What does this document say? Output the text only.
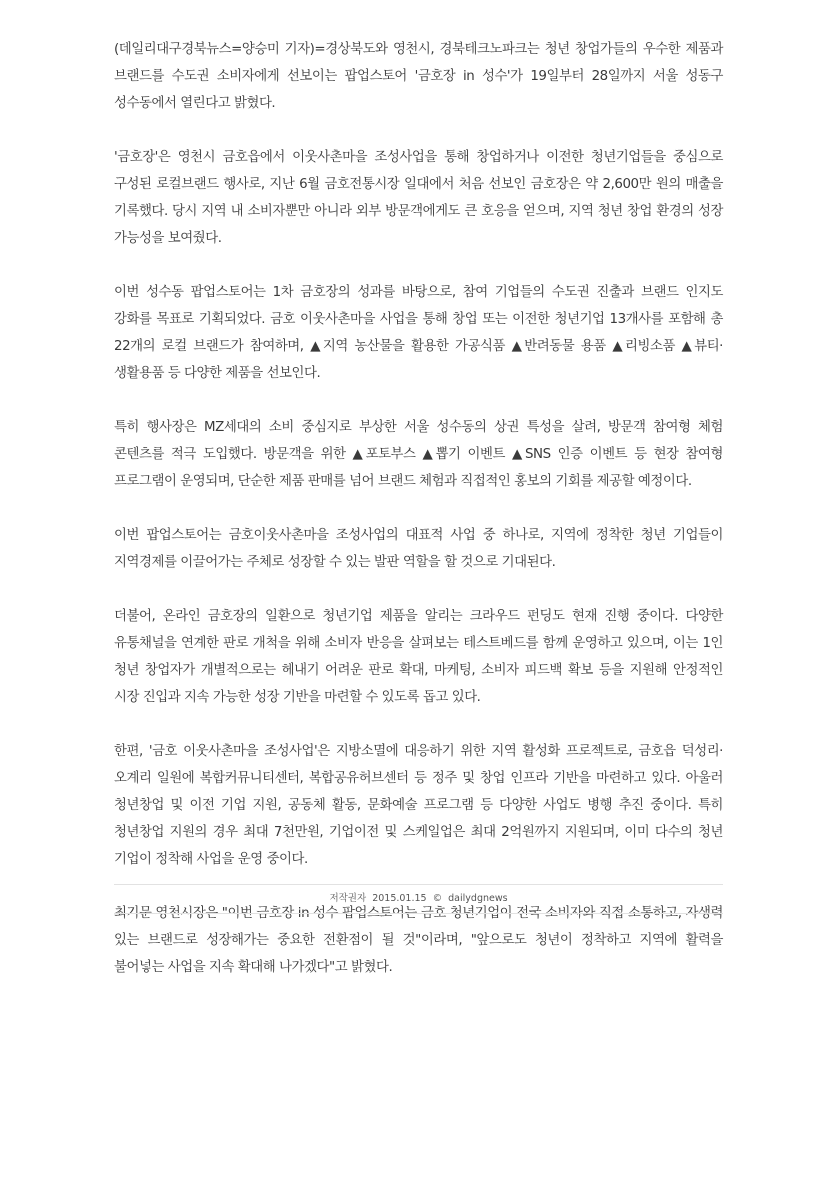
(데일리대구경북뉴스=양승미 기자)=경상북도와 영천시, 경북테크노파크는 청년 창업가들의 우수한 제품과 브랜드를 수도권 소비자에게 선보이는 팝업스토어 '금호장 in 성수'가 19일부터 28일까지 서울 성동구 성수동에서 열린다고 밝혔다.

'금호장'은 영천시 금호읍에서 이웃사촌마을 조성사업을 통해 창업하거나 이전한 청년기업들을 중심으로 구성된 로컬브랜드 행사로, 지난 6월 금호전통시장 일대에서 처음 선보인 금호장은 약 2,600만 원의 매출을 기록했다. 당시 지역 내 소비자뿐만 아니라 외부 방문객에게도 큰 호응을 얻으며, 지역 청년 창업 환경의 성장 가능성을 보여줬다.

이번 성수동 팝업스토어는 1차 금호장의 성과를 바탕으로, 참여 기업들의 수도권 진출과 브랜드 인지도 강화를 목표로 기획되었다. 금호 이웃사촌마을 사업을 통해 창업 또는 이전한 청년기업 13개사를 포함해 총 22개의 로컬 브랜드가 참여하며, ▲지역 농산물을 활용한 가공식품 ▲반려동물 용품 ▲리빙소품 ▲뷰티·생활용품 등 다양한 제품을 선보인다.

특히 행사장은 MZ세대의 소비 중심지로 부상한 서울 성수동의 상권 특성을 살려, 방문객 참여형 체험 콘텐츠를 적극 도입했다. 방문객을 위한 ▲포토부스 ▲뽑기 이벤트 ▲SNS 인증 이벤트 등 현장 참여형 프로그램이 운영되며, 단순한 제품 판매를 넘어 브랜드 체험과 직접적인 홍보의 기회를 제공할 예정이다.

이번 팝업스토어는 금호이웃사촌마을 조성사업의 대표적 사업 중 하나로, 지역에 정착한 청년 기업들이 지역경제를 이끌어가는 주체로 성장할 수 있는 발판 역할을 할 것으로 기대된다.

더불어, 온라인 금호장의 일환으로 청년기업 제품을 알리는 크라우드 펀딩도 현재 진행 중이다. 다양한 유통채널을 연계한 판로 개척을 위해 소비자 반응을 살펴보는 테스트베드를 함께 운영하고 있으며, 이는 1인 청년 창업자가 개별적으로는 헤내기 어려운 판로 확대, 마케팅, 소비자 피드백 확보 등을 지원해 안정적인 시장 진입과 지속 가능한 성장 기반을 마련할 수 있도록 돕고 있다.

한편, '금호 이웃사촌마을 조성사업'은 지방소멸에 대응하기 위한 지역 활성화 프로젝트로, 금호읍 덕성리·오계리 일원에 복합커뮤니티센터, 복합공유허브센터 등 정주 및 창업 인프라 기반을 마련하고 있다. 아울러 청년창업 및 이전 기업 지원, 공동체 활동, 문화예술 프로그램 등 다양한 사업도 병행 추진 중이다. 특히 청년창업 지원의 경우 최대 7천만원, 기업이전 및 스케일업은 최대 2억원까지 지원되며, 이미 다수의 청년 기업이 정착해 사업을 운영 중이다.

최기문 영천시장은 "이번 금호장 in 성수 팝업스토어는 금호 청년기업이 전국 소비자와 직접 소통하고, 자생력 있는 브랜드로 성장해가는 중요한 전환점이 될 것"이라며, "앞으로도 청년이 정착하고 지역에 활력을 불어넣는 사업을 지속 확대해 나가겠다"고 밝혔다.

저작권자 2015.01.15 © dailydgnews
